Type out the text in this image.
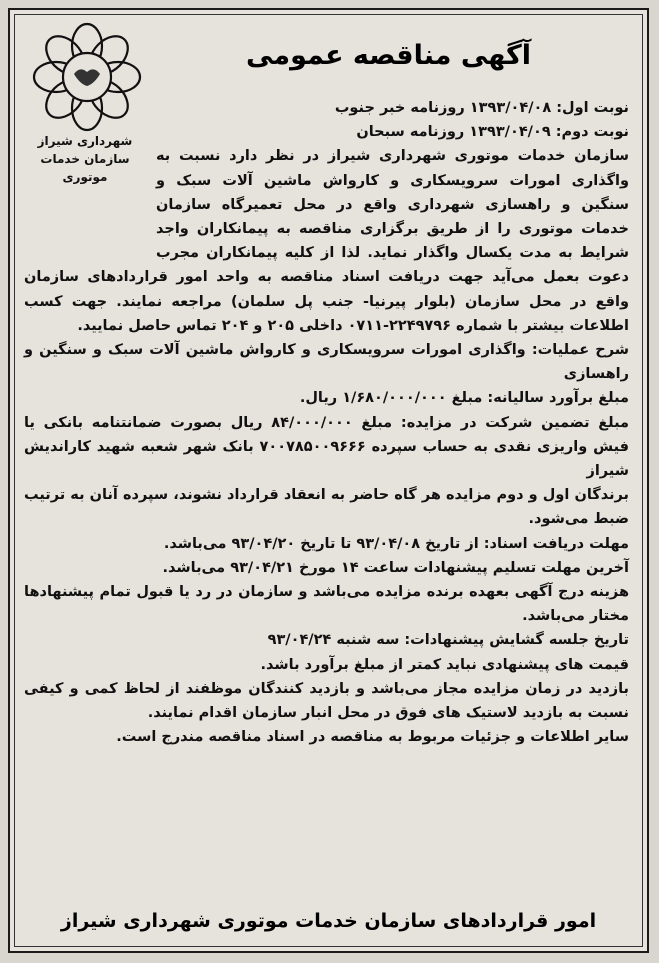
شهرداری شیراز
سازمان خدمات موتوری
آگهی مناقصه عمومی

نوبت اول: ۱۳۹۳/۰۴/۰۸ روزنامه خبر جنوب

نوبت دوم: ۱۳۹۳/۰۴/۰۹ روزنامه سبحان

سازمان خدمات موتوری شهرداری شیراز در نظر دارد نسبت به واگذاری امورات سرویسکاری و کارواش ماشین آلات سبک و سنگین و راهسازی شهرداری واقع در محل تعمیرگاه سازمان خدمات موتوری را از طریق برگزاری مناقصه به پیمانکاران واجد شرایط به مدت یکسال واگذار نماید. لذا از کلیه پیمانکاران مجرب دعوت بعمل می‌آید جهت دریافت اسناد مناقصه به واحد امور قراردادهای سازمان واقع در محل سازمان (بلوار پیرنیا- جنب پل سلمان) مراجعه نمایند. جهت کسب اطلاعات بیشتر با شماره ۲۲۴۹۷۹۶-۰۷۱۱ داخلی ۲۰۵ و ۲۰۴ تماس حاصل نمایید.

شرح عملیات: واگذاری امورات سرویسکاری و کارواش ماشین آلات سبک و سنگین و راهسازی

مبلغ برآورد سالیانه: مبلغ ۱/۶۸۰/۰۰۰/۰۰۰ ریال.

مبلغ تضمین شرکت در مزایده: مبلغ ۸۴/۰۰۰/۰۰۰ ریال بصورت ضمانتنامه بانکی یا فیش واریزی نقدی به حساب سپرده ۷۰۰۷۸۵۰۰۹۶۶۶ بانک شهر شعبه شهید کاراندیش شیراز

برندگان اول و دوم مزایده هر گاه حاضر به انعقاد قرارداد نشوند، سپرده آنان به ترتیب ضبط می‌شود.

مهلت دریافت اسناد: از تاریخ ۹۳/۰۴/۰۸ تا تاریخ ۹۳/۰۴/۲۰ می‌باشد.

آخرین مهلت تسلیم پیشنهادات ساعت ۱۴ مورخ ۹۳/۰۴/۲۱ می‌باشد.

هزینه درج آگهی بعهده برنده مزایده می‌باشد و سازمان در رد یا قبول تمام پیشنهادها مختار می‌باشد.

تاریخ جلسه گشایش پیشنهادات: سه شنبه ۹۳/۰۴/۲۴

قیمت های پیشنهادی نباید کمتر از مبلغ برآورد باشد.

بازدید در زمان مزایده مجاز می‌باشد و بازدید کنندگان موظفند از لحاظ کمی و کیفی نسبت به بازدید لاستیک های فوق در محل انبار سازمان اقدام نمایند.

سایر اطلاعات و جزئیات مربوط به مناقصه در اسناد مناقصه مندرج است.

امور قراردادهای سازمان خدمات موتوری شهرداری شیراز
